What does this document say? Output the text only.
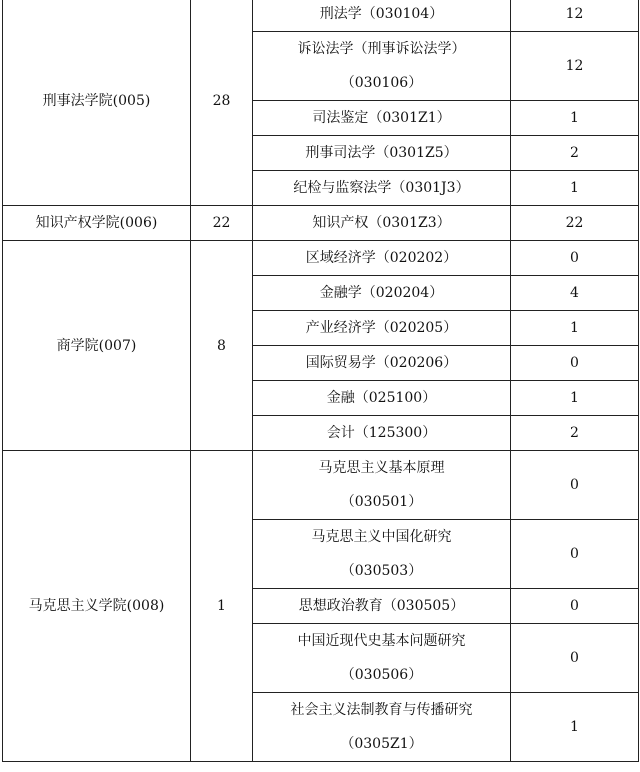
刑事法学院(005)	28	刑法学（030104）	12

		诉讼法学（刑事诉讼法学）
（030106）	12

		司法鉴定（0301Z1）	1

		刑事司法学（0301Z5）	2

		纪检与监察法学（0301J3）	1
知识产权学院(006)	22	知识产权（0301Z3）	22
商学院(007)	8	区域经济学（020202）	0

		金融学（020204）	4

		产业经济学（020205）	1

		国际贸易学（020206）	0

		金融（025100）	1

		会计（125300）	2
马克思主义学院(008)	1	马克思主义基本原理
（030501）	0

		马克思主义中国化研究
（030503）	0

		思想政治教育（030505）	0

		中国近现代史基本问题研究
（030506）	0

		社会主义法制教育与传播研究
（0305Z1）	1
